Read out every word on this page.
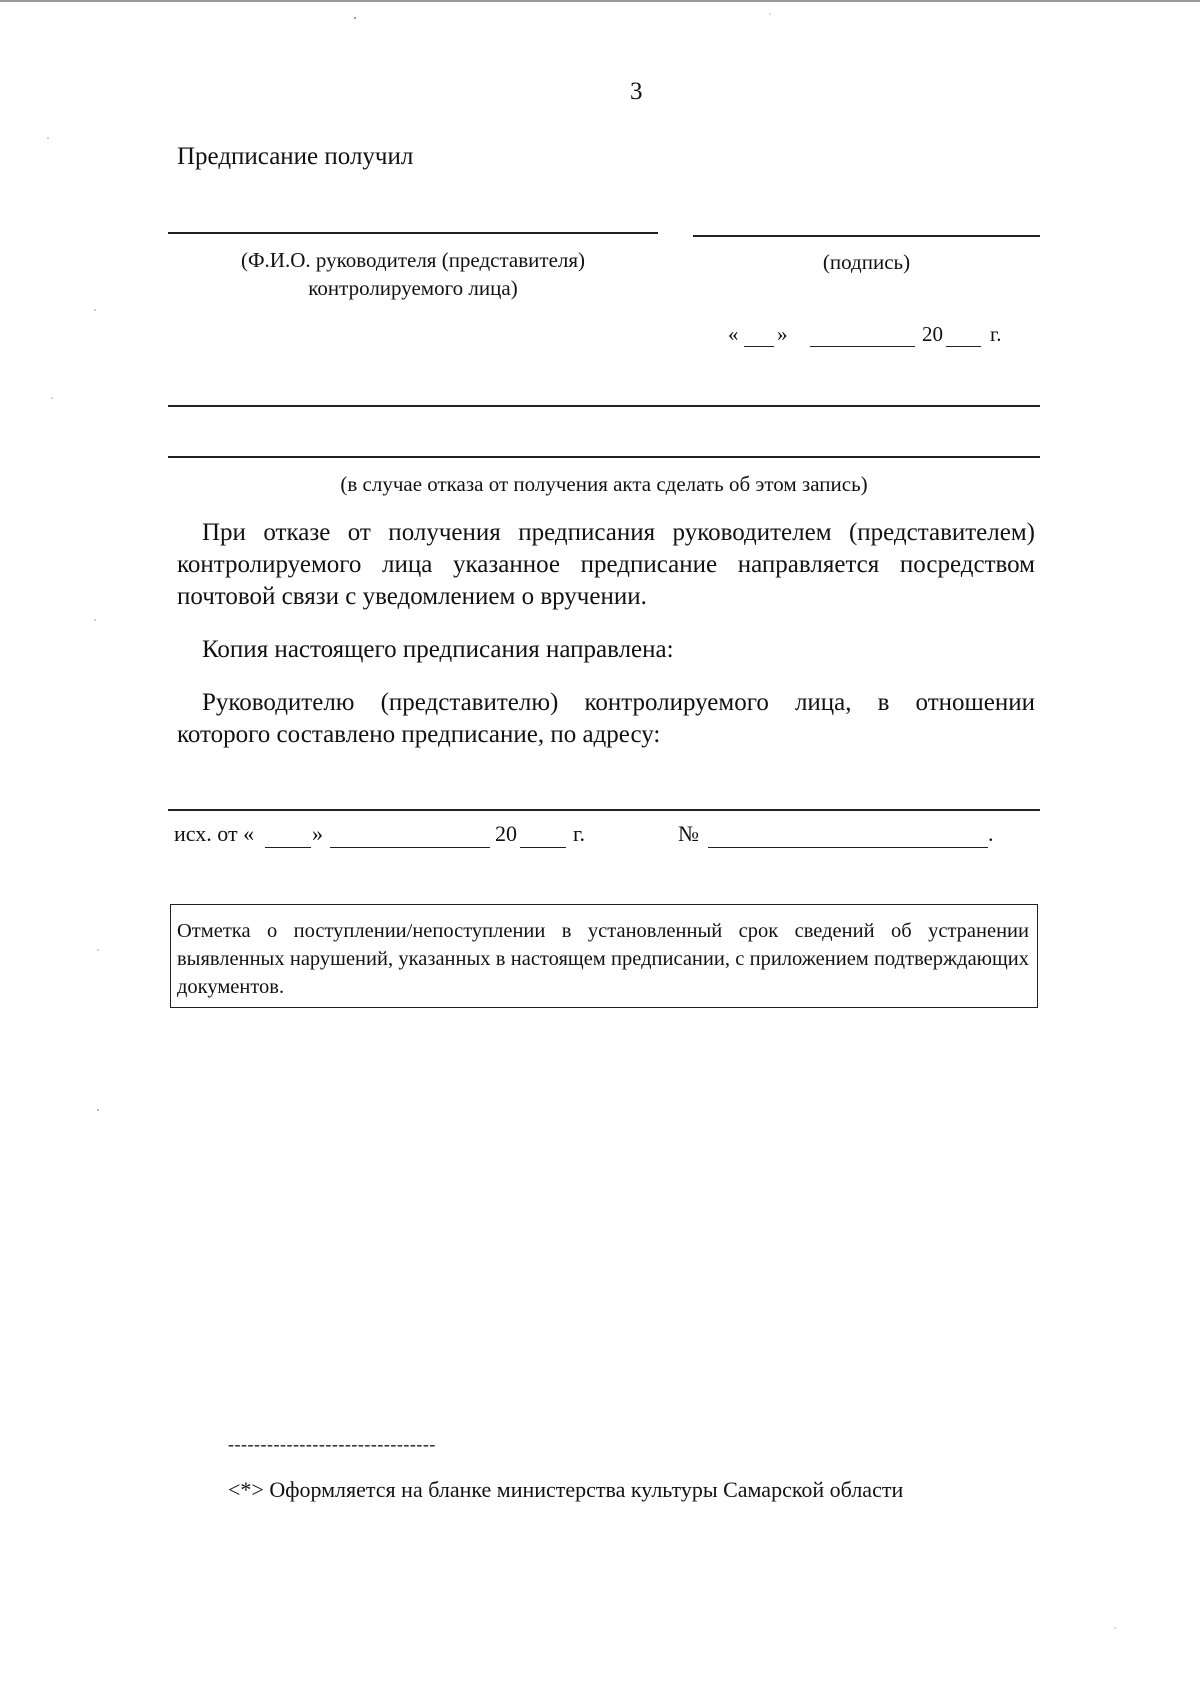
3
Предписание получил
(Ф.И.О. руководителя (представителя)
контролируемого лица)
(подпись)
« »	20 г.
(в случае отказа от получения акта сделать об этом запись)
При отказе от получения предписания руководителем (представителем) контролируемого лица указанное предписание направляется посредством почтовой связи с уведомлением о вручении.
Копия настоящего предписания направлена:
Руководителю (представителю) контролируемого лица, в отношении которого составлено предписание, по адресу:
исх. от «	»	20	г.	№	.
Отметка о поступлении/непоступлении в установленный срок сведений об устранении выявленных нарушений, указанных в настоящем предписании, с приложением подтверждающих документов.
--------------------------------
<*> Оформляется на бланке министерства культуры Самарской области
